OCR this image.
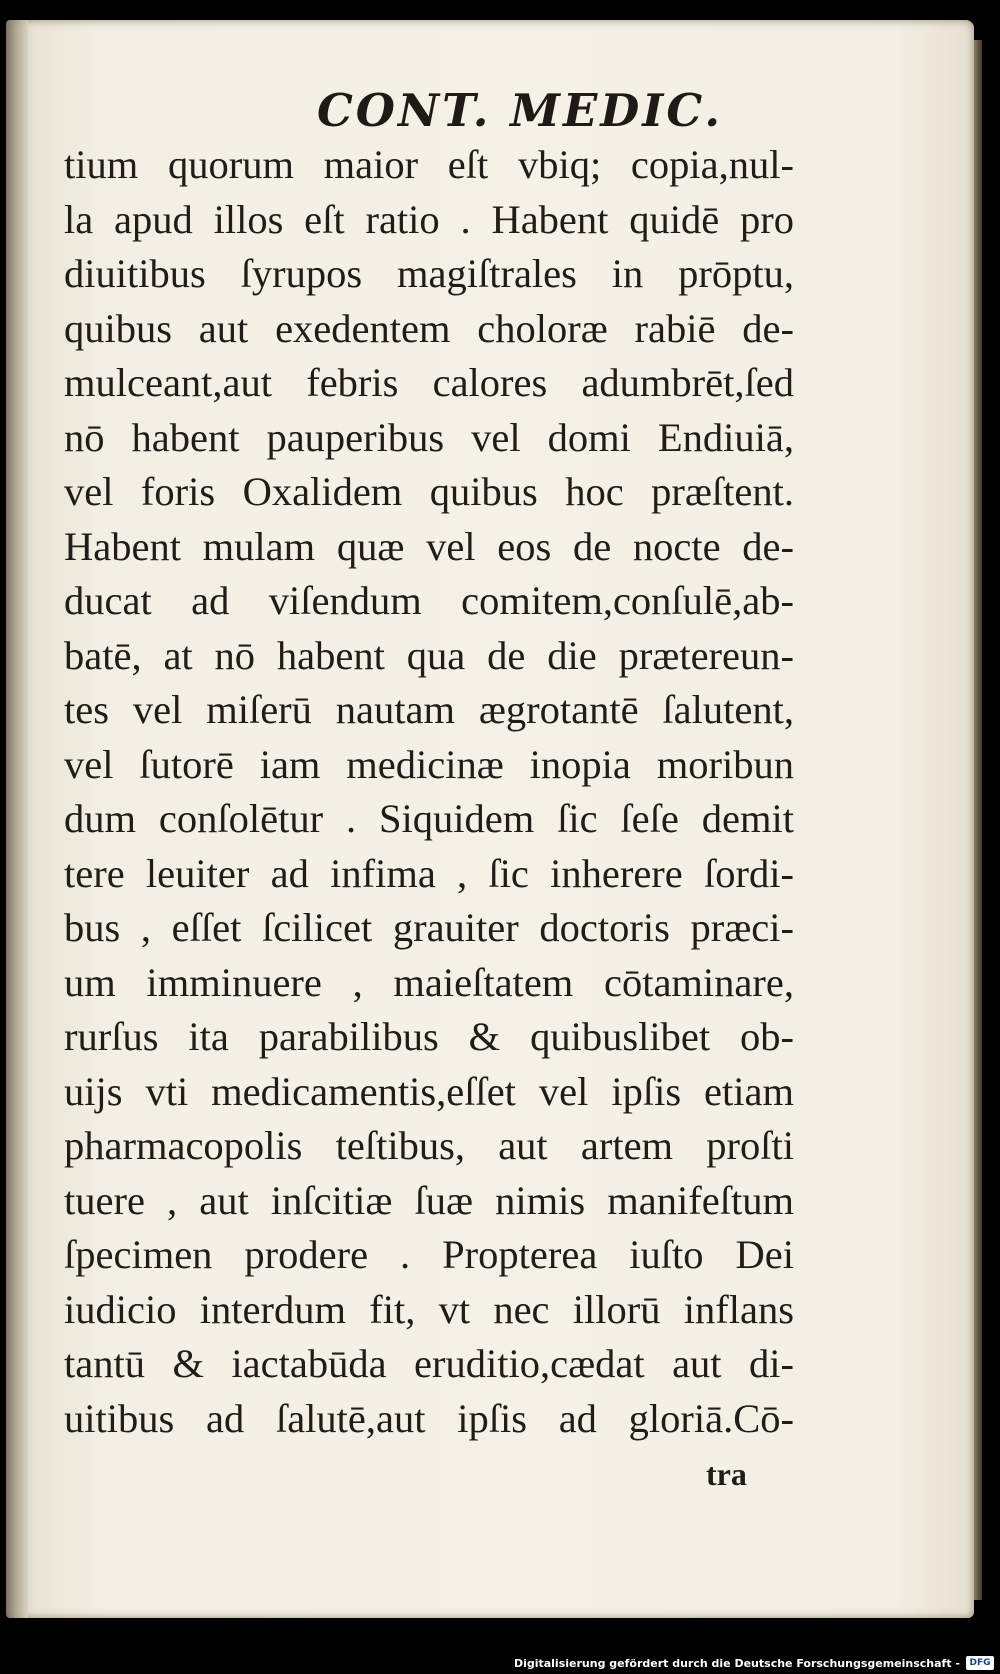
CONT. MEDIC.
tium quorum maior eſt vbiq; copia,nul-
la apud illos eſt ratio . Habent quidē pro
diuitibus ſyrupos magiſtrales in prōptu,
quibus aut exedentem cholorӕ rabiē de-
mulceant,aut febris calores adumbrēt,ſed
nō habent pauperibus vel domi Endiuiā,
vel foris Oxalidem quibus hoc prӕſtent.
Habent mulam quӕ vel eos de nocte de-
ducat ad viſendum comitem,conſulē,ab-
batē, at nō habent qua de die prӕtereun-
tes vel miſerū nautam ӕgrotantē ſalutent,
vel ſutorē iam medicinӕ inopia moribun
dum conſolētur . Siquidem ſic ſeſe demit
tere leuiter ad infima , ſic inherere ſordi-
bus , eſſet ſcilicet grauiter doctoris prӕci-
um imminuere , maieſtatem cōtaminare,
rurſus ita parabilibus & quibuslibet ob-
uijs vti medicamentis,eſſet vel ipſis etiam
pharmacopolis teſtibus, aut artem proſti
tuere , aut inſcitiӕ ſuӕ nimis manifeſtum
ſpecimen prodere . Propterea iuſto Dei
iudicio interdum fit, vt nec illorū inflans
tantū & iactabūda eruditio,cӕdat aut di-
uitibus ad ſalutē,aut ipſis ad gloriā.Cō-
tra
Digitalisierung gefördert durch die Deutsche Forschungsgemeinschaft -	DFG
